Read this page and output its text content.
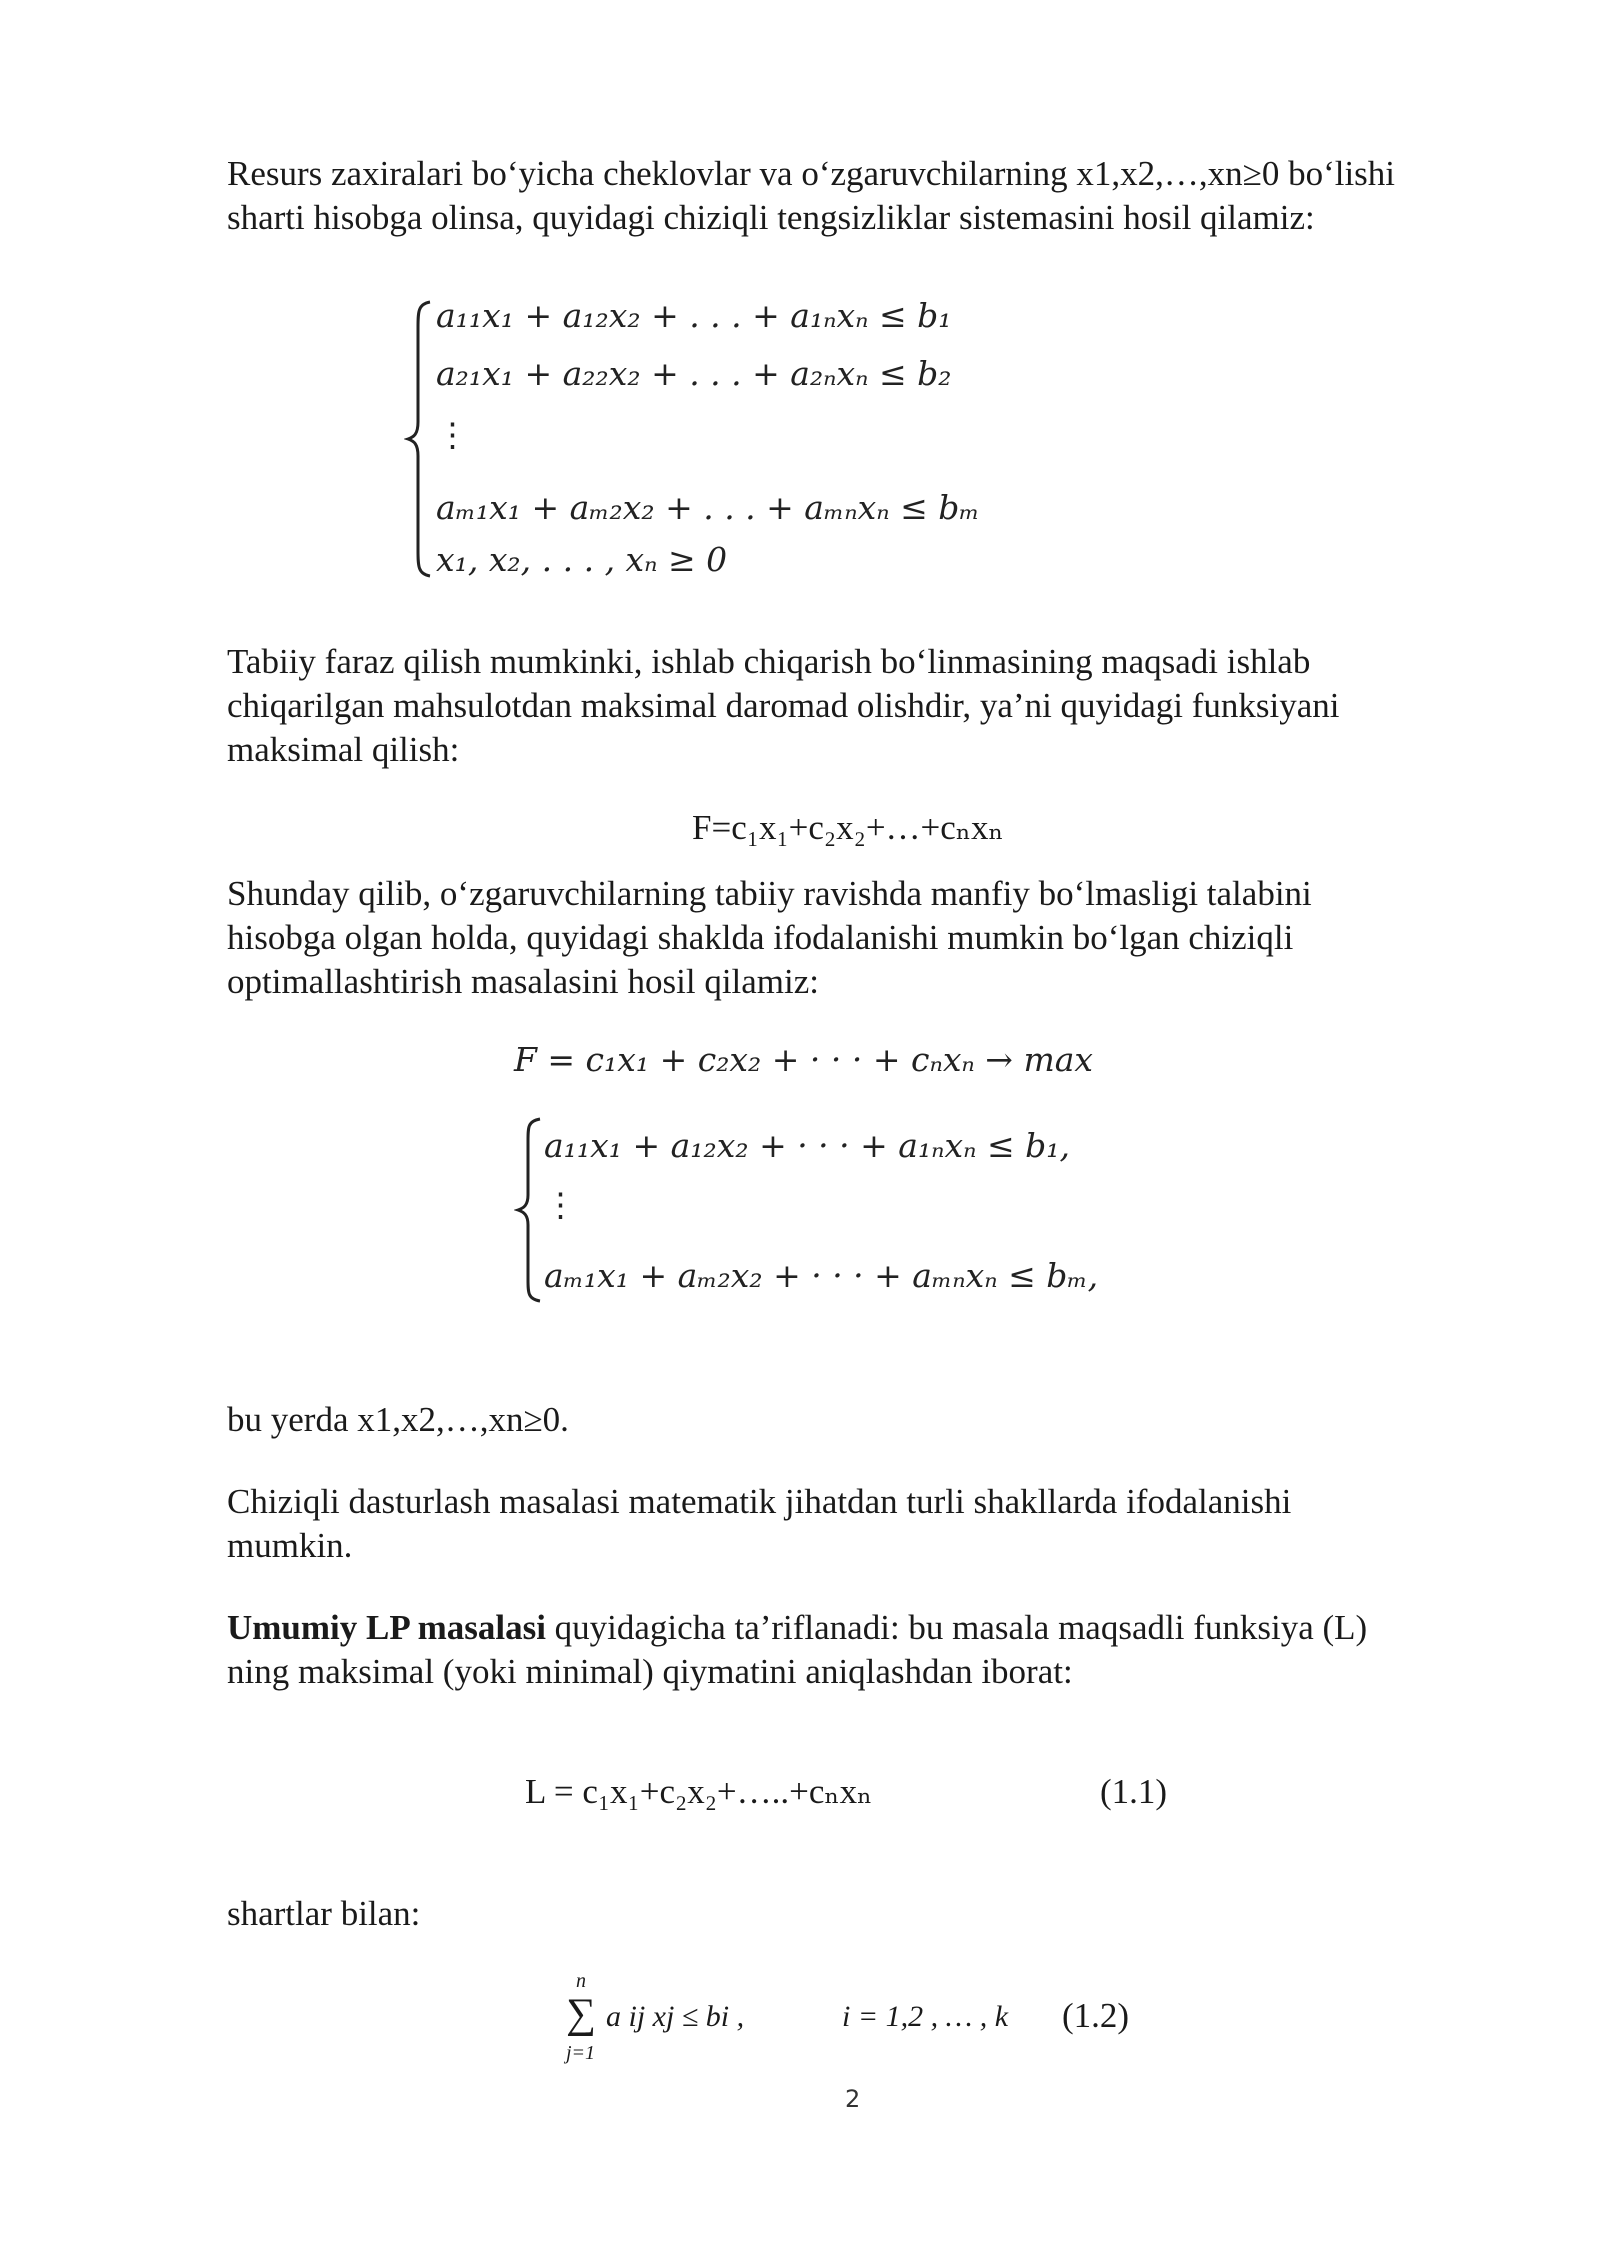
Resurs zaxiralari bo‘yicha cheklovlar va o‘zgaruvchilarning x1,x2,…,xn≥0 bo‘lishi
sharti hisobga olinsa, quyidagi chiziqli tengsizliklar sistemasini hosil qilamiz:

a₁₁x₁ + a₁₂x₂ + . . . + a₁ₙxₙ ≤ b₁
a₂₁x₁ + a₂₂x₂ + . . . + a₂ₙxₙ ≤ b₂
⋮
aₘ₁x₁ + aₘ₂x₂ + . . . + aₘₙxₙ ≤ bₘ
x₁, x₂, . . . , xₙ ≥ 0

Tabiiy faraz qilish mumkinki, ishlab chiqarish bo‘linmasining maqsadi ishlab
chiqarilgan mahsulotdan maksimal daromad olishdir, ya’ni quyidagi funksiyani
maksimal qilish:

F=c₁x₁+c₂x₂+…+cₙxₙ

Shunday qilib, o‘zgaruvchilarning tabiiy ravishda manfiy bo‘lmasligi talabini
hisobga olgan holda, quyidagi shaklda ifodalanishi mumkin bo‘lgan chiziqli
optimallashtirish masalasini hosil qilamiz:

F = c₁x₁ + c₂x₂ + · · · + cₙxₙ → max
a₁₁x₁ + a₁₂x₂ + · · · + a₁ₙxₙ ≤ b₁,
⋮
aₘ₁x₁ + aₘ₂x₂ + · · · + aₘₙxₙ ≤ bₘ,

bu yerda x1,x2,…,xn≥0.

Chiziqli dasturlash masalasi matematik jihatdan turli shakllarda ifodalanishi
mumkin.

Umumiy LP masalasi quyidagicha ta’riflanadi: bu masala maqsadli funksiya (L)
ning maksimal (yoki minimal) qiymatini aniqlashdan iborat:

L = c₁x₁+c₂x₂+…..+cₙxₙ	(1.1)

shartlar bilan:

n
∑
j=1
a ij xj ≤ bi ,	i = 1,2 , … , k (1.2)
2
